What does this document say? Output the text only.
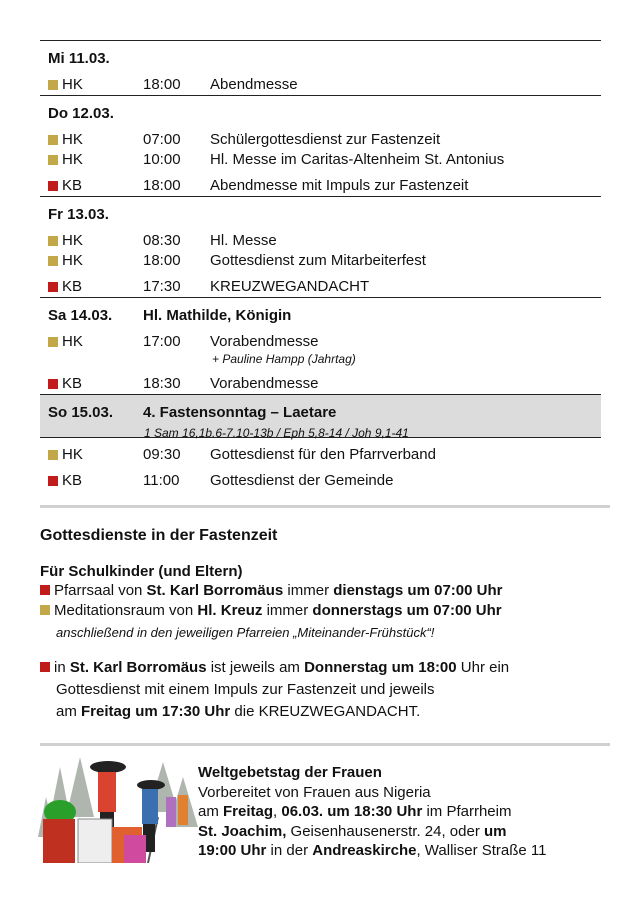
Mi 11.03.
HK	18:00 Abendmesse
Do 12.03.
HK	07:00 Schülergottesdienst zur Fastenzeit
HK	10:00 Hl. Messe im Caritas-Altenheim St. Antonius
KB	18:00 Abendmesse mit Impuls zur Fastenzeit
Fr 13.03.
HK	08:30 Hl. Messe
HK	18:00 Gottesdienst zum Mitarbeiterfest
KB	17:30 KREUZWEGANDACHT
Sa 14.03. Hl. Mathilde, Königin
HK	17:00 Vorabendmesse
+ Pauline Hampp (Jahrtag)
KB	18:30 Vorabendmesse
So 15.03. 4. Fastensonntag – Laetare
1 Sam 16,1b.6-7.10-13b / Eph 5,8-14 / Joh 9,1-41
HK	09:30 Gottesdienst für den Pfarrverband
KB	11:00 Gottesdienst der Gemeinde
Gottesdienste in der Fastenzeit
Für Schulkinder (und Eltern)
Pfarrsaal von St. Karl Borromäus immer dienstags um 07:00 Uhr
Meditationsraum von Hl. Kreuz immer donnerstags um 07:00 Uhr
anschließend in den jeweiligen Pfarreien „Miteinander-Frühstück“!
in St. Karl Borromäus ist jeweils am Donnerstag um 18:00 Uhr ein
Gottesdienst mit einem Impuls zur Fastenzeit und jeweils
am Freitag um 17:30 Uhr die KREUZWEGANDACHT.
Weltgebetstag der Frauen
Vorbereitet von Frauen aus Nigeria
am Freitag, 06.03. um 18:30 Uhr im Pfarrheim
St. Joachim, Geisenhausenerstr. 24, oder um
19:00 Uhr in der Andreaskirche, Walliser Straße 11
